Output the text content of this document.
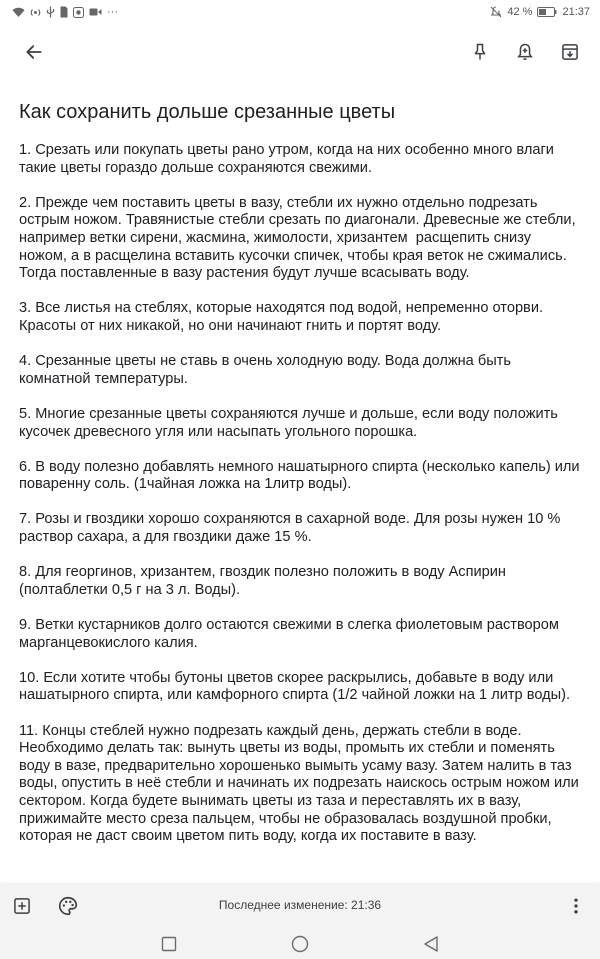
···	42 %	21:37
Как сохранить дольше срезанные цветы
1. Срезать или покупать цветы рано утром, когда на них особенно много влаги такие цветы гораздо дольше сохраняются свежими.
2. Прежде чем поставить цветы в вазу, стебли их нужно отдельно подрезать острым ножом. Травянистые стебли срезать по диагонали. Древесные же стебли, например ветки сирени, жасмина, жимолости, хризантем  расщепить снизу ножом, а в расщелина вставить кусочки спичек, чтобы края веток не сжимались. Тогда поставленные в вазу растения будут лучше всасывать воду.
3. Все листья на стеблях, которые находятся под водой, непременно оторви. Красоты от них никакой, но они начинают гнить и портят воду.
4. Срезанные цветы не ставь в очень холодную воду. Вода должна быть комнатной температуры.
5. Многие срезанные цветы сохраняются лучше и дольше, если воду положить кусочек древесного угля или насыпать угольного порошка.
6. В воду полезно добавлять немного нашатырного спирта (несколько капель) или поваренну соль. (1чайная ложка на 1литр воды).
7. Розы и гвоздики хорошо сохраняются в сахарной воде. Для розы нужен 10 % раствор сахара, а для гвоздики даже 15 %.
8. Для георгинов, хризантем, гвоздик полезно положить в воду Аспирин (полтаблетки 0,5 г на 3 л. Воды).
9. Ветки кустарников долго остаются свежими в слегка фиолетовым раствором марганцевокислого калия.
10. Если хотите чтобы бутоны цветов скорее раскрылись, добавьте в воду или нашатырного спирта, или камфорного спирта (1/2 чайной ложки на 1 литр воды).
11. Концы стеблей нужно подрезать каждый день, держать стебли в воде. Необходимо делать так: вынуть цветы из воды, промыть их стебли и поменять воду в вазе, предварительно хорошенько вымыть усаму вазу. Затем налить в таз воды, опустить в неё стебли и начинать их подрезать наискось острым ножом или сектором. Когда будете вынимать цветы из таза и переставлять их в вазу, прижимайте место среза пальцем, чтобы не образовалась воздушной пробки, которая не даст своим цветом пить воду, когда их поставите в вазу.
Последнее изменение: 21:36
